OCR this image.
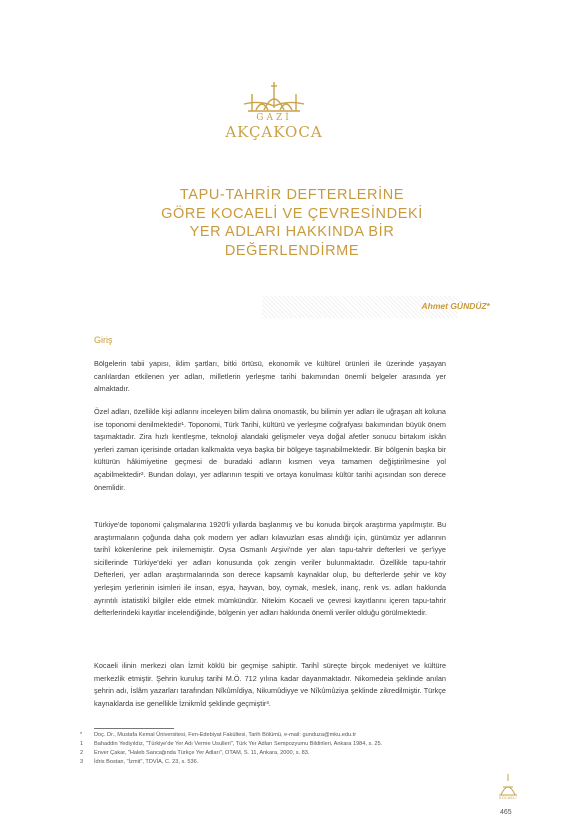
GAZİ
AKÇAKOCA
TAPU-TAHRİR DEFTERLERİNE
GÖRE KOCAELİ VE ÇEVRESİNDEKİ
YER ADLARI HAKKINDA BİR
DEĞERLENDİRME
Ahmet GÜNDÜZ*
Giriş

Bölgelerin tabii yapısı, iklim şartları, bitki örtüsü, ekonomik ve kültürel ürünleri ile üzerinde yaşayan canlılardan etkilenen yer adları, milletlerin yerleşme tarihi bakımından önemli belgeler arasında yer almaktadır.

Özel adları, özellikle kişi adlarını inceleyen bilim dalına onomastik, bu bilimin yer adları ile uğraşan alt koluna ise toponomi denilmektedir¹. Toponomi, Türk Tarihi, kültürü ve yerleşme coğrafyası bakımından büyük önem taşımaktadır. Zira hızlı kentleşme, teknoloji alandaki gelişmeler veya doğal afetler sonucu birtakım iskân yerleri zaman içerisinde ortadan kalkmakta veya başka bir bölgeye taşınabilmektedir. Bir bölgenin başka bir kültürün hâkimiyetine geçmesi de buradaki adların kısmen veya tamamen değiştirilmesine yol açabilmektedir². Bundan dolayı, yer adlarının tespiti ve ortaya konulması kültür tarihi açısından son derece önemlidir.

Türkiye'de toponomi çalışmalarına 1920'li yıllarda başlanmış ve bu konuda birçok araştırma yapılmıştır. Bu araştırmaların çoğunda daha çok modern yer adları kılavuzları esas alındığı için, günümüz yer adlarının tarihî kökenlerine pek inilememiştir. Oysa Osmanlı Arşivi'nde yer alan tapu-tahrir defterleri ve şer'iyye sicillerinde Türkiye'deki yer adları konusunda çok zengin veriler bulunmaktadır. Özellikle tapu-tahrir Defterleri, yer adları araştırmalarında son derece kapsamlı kaynaklar olup, bu defterlerde şehir ve köy yerleşim yerlerinin isimleri ile insan, eşya, hayvan, boy, oymak, meslek, inanç, renk vs. adları hakkında ayrıntılı istatistikî bilgiler elde etmek mümkündür. Nitekim Kocaeli ve çevresi kayıtlarını içeren tapu-tahrir defterlerindeki kayıtlar incelendiğinde, bölgenin yer adları hakkında önemli veriler olduğu görülmektedir.

Kocaeli ilinin merkezi olan İzmit köklü bir geçmişe sahiptir. Tarihî süreçte birçok medeniyet ve kültüre merkezlik etmiştir. Şehrin kuruluş tarihi M.Ö. 712 yılına kadar dayanmaktadır. Nikomedeia şeklinde anılan şehrin adı, İslâm yazarları tarafından Nîkûmîdiya, Nikumûdiyye ve Nîkûmûziya şeklinde zikredilmiştir. Türkçe kaynaklarda ise genellikle İznikmîd şeklinde geçmiştir³.

* Doç. Dr., Mustafa Kemal Üniversitesi, Fen-Edebiyat Fakültesi, Tarih Bölümü, e-mail: gunduza@mku.edu.tr
1 Bahaddin Yediyıldız, "Türkiye'de Yer Adı Verme Usulleri", Türk Yer Adları Sempozyumu Bildirileri, Ankara 1984, s. 25.
2 Enver Çakar, "Haleb Sancağında Türkçe Yer Adları", OTAM, S. 11, Ankara, 2000, s. 83.
3 İdris Bostan, "İzmit", TDVİA, C. 23, s. 536.
KOCAELİ
465
